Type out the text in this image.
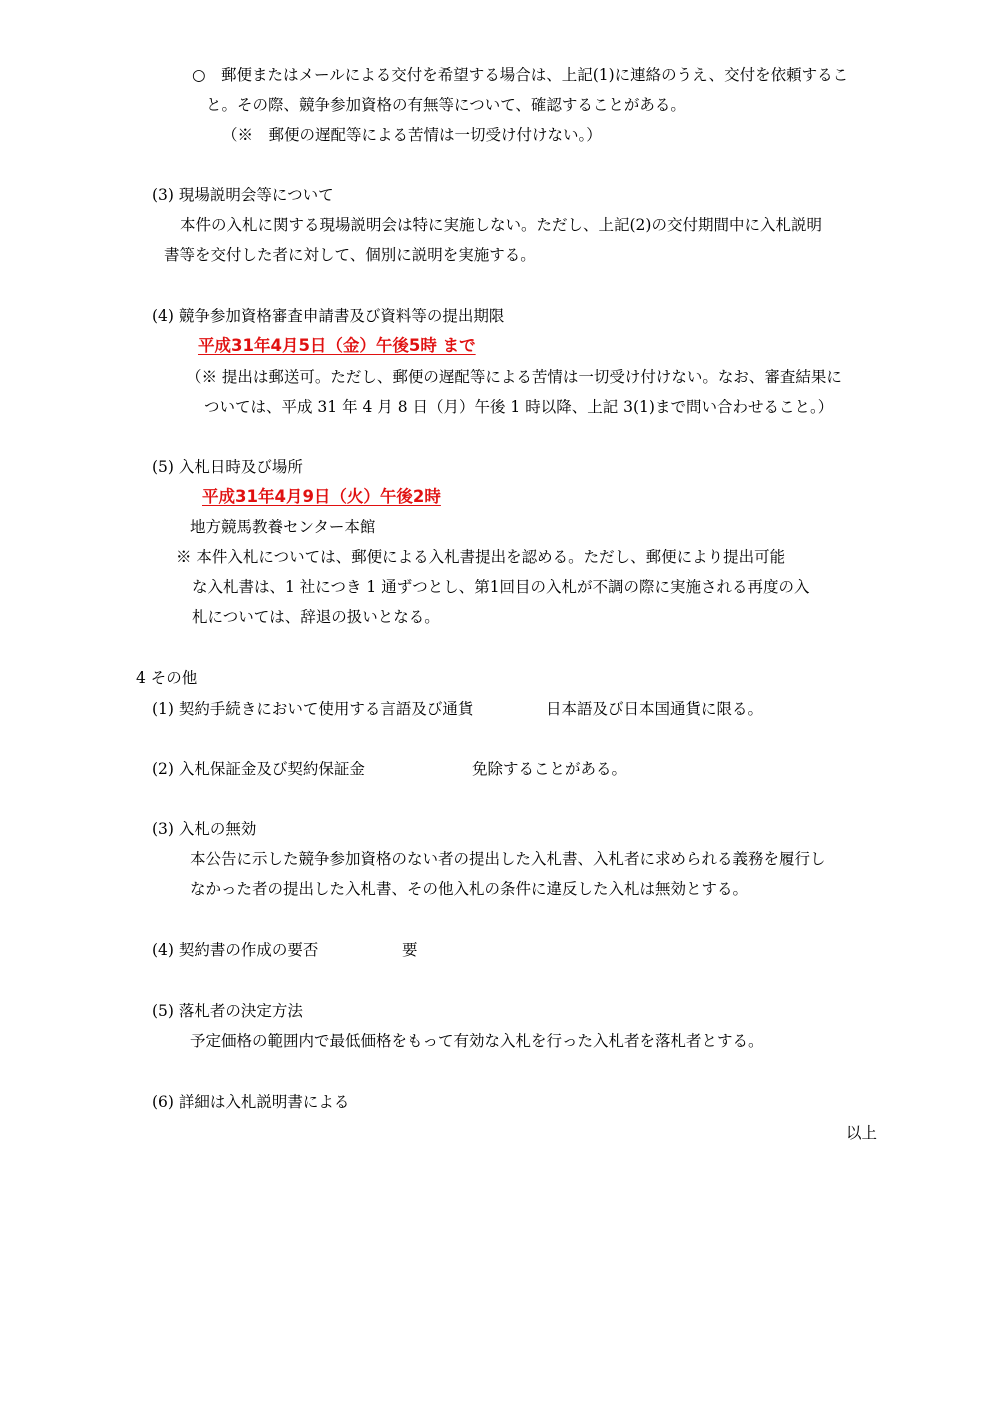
○　郵便またはメールによる交付を希望する場合は、上記(1)に連絡のうえ、交付を依頼するこ
と。その際、競争参加資格の有無等について、確認することがある。
（※　郵便の遅配等による苦情は一切受け付けない。）
(3) 現場説明会等について
本件の入札に関する現場説明会は特に実施しない。ただし、上記(2)の交付期間中に入札説明
書等を交付した者に対して、個別に説明を実施する。
(4) 競争参加資格審査申請書及び資料等の提出期限
平成31年4月5日（金）午後5時 まで
（※ 提出は郵送可。ただし、郵便の遅配等による苦情は一切受け付けない。なお、審査結果に
ついては、平成 31 年 4 月 8 日（月）午後 1 時以降、上記 3(1)まで問い合わせること。）
(5) 入札日時及び場所
平成31年4月9日（火）午後2時
地方競馬教養センター本館
※ 本件入札については、郵便による入札書提出を認める。ただし、郵便により提出可能
な入札書は、1 社につき 1 通ずつとし、第1回目の入札が不調の際に実施される再度の入
札については、辞退の扱いとなる。
4 その他
(1) 契約手続きにおいて使用する言語及び通貨	日本語及び日本国通貨に限る。
(2) 入札保証金及び契約保証金	免除することがある。
(3) 入札の無効
本公告に示した競争参加資格のない者の提出した入札書、入札者に求められる義務を履行し
なかった者の提出した入札書、その他入札の条件に違反した入札は無効とする。
(4) 契約書の作成の要否	要
(5) 落札者の決定方法
予定価格の範囲内で最低価格をもって有効な入札を行った入札者を落札者とする。
(6) 詳細は入札説明書による
以上
